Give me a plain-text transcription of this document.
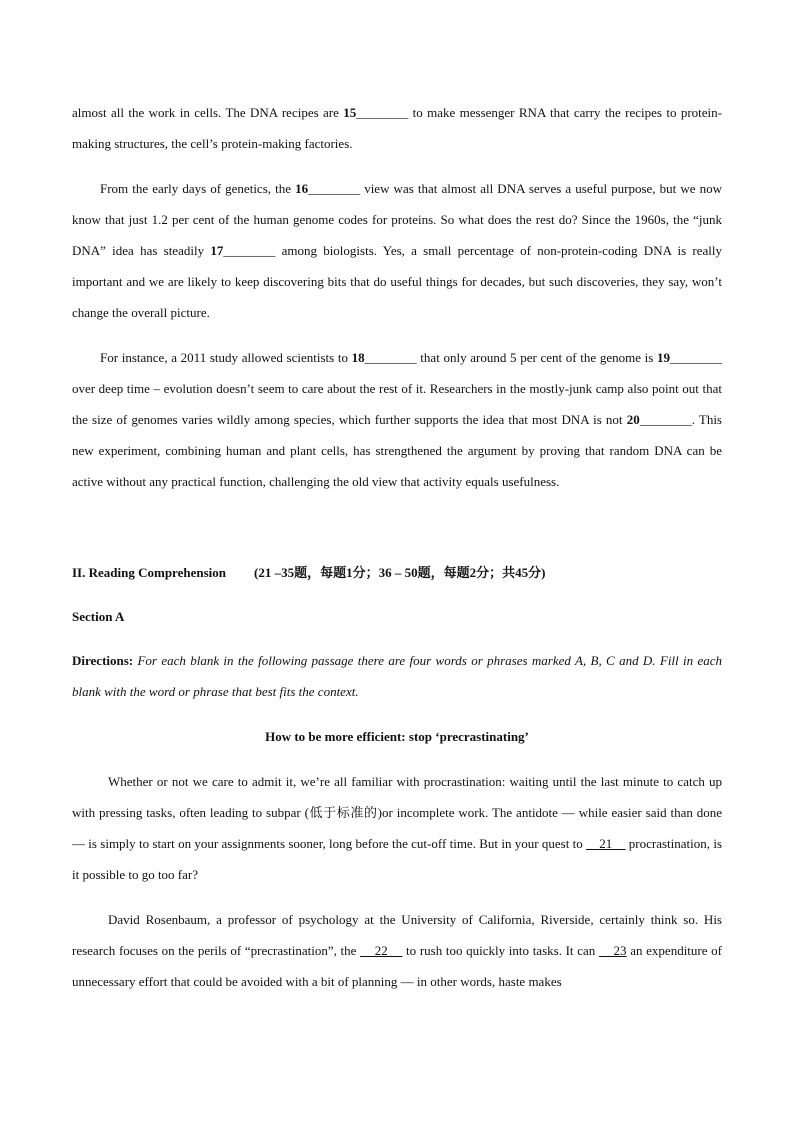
almost all the work in cells. The DNA recipes are 15________ to make messenger RNA that carry the recipes to protein-making structures, the cell’s protein-making factories.

From the early days of genetics, the 16________ view was that almost all DNA serves a useful purpose, but we now know that just 1.2 per cent of the human genome codes for proteins. So what does the rest do? Since the 1960s, the “junk DNA” idea has steadily 17________ among biologists. Yes, a small percentage of non-protein-coding DNA is really important and we are likely to keep discovering bits that do useful things for decades, but such discoveries, they say, won’t change the overall picture.

For instance, a 2011 study allowed scientists to 18________ that only around 5 per cent of the genome is 19________ over deep time – evolution doesn’t seem to care about the rest of it. Researchers in the mostly-junk camp also point out that the size of genomes varies wildly among species, which further supports the idea that most DNA is not 20________. This new experiment, combining human and plant cells, has strengthened the argument by proving that random DNA can be active without any practical function, challenging the old view that activity equals usefulness.

II. Reading Comprehension (21 –35题，每题1分；36 – 50题，每题2分；共45分)

Section A

Directions: For each blank in the following passage there are four words or phrases marked A, B, C and D. Fill in each blank with the word or phrase that best fits the context.

How to be more efficient: stop ‘precrastinating’

Whether or not we care to admit it, we’re all familiar with procrastination: waiting until the last minute to catch up with pressing tasks, often leading to subpar (低于标准的)or incomplete work. The antidote — while easier said than done — is simply to start on your assignments sooner, long before the cut-off time. But in your quest to     21     procrastination, is it possible to go too far?

David Rosenbaum, a professor of psychology at the University of California, Riverside, certainly think so. His research focuses on the perils of “precrastination”, the     22     to rush too quickly into tasks. It can     23 an expenditure of unnecessary effort that could be avoided with a bit of planning — in other words, haste makes
